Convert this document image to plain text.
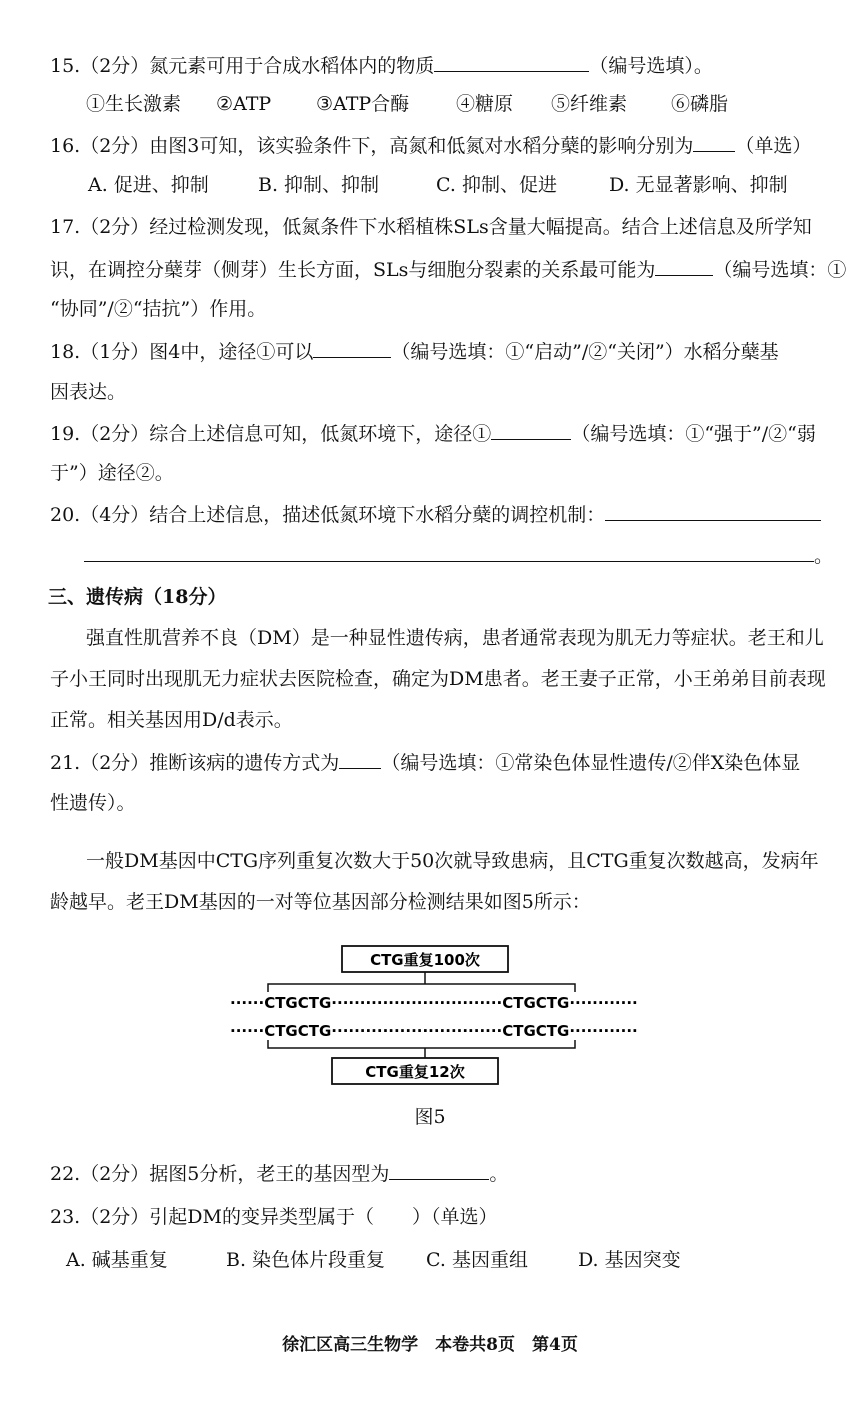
15.（2分）氮元素可用于合成水稻体内的物质	（编号选填）。
①生长激素 ②ATP ③ATP合酶 ④糖原 ⑤纤维素 ⑥磷脂
16.（2分）由图3可知，该实验条件下，高氮和低氮对水稻分蘖的影响分别为 （单选）
A. 促进、抑制	B. 抑制、抑制	C. 抑制、促进	D. 无显著影响、抑制
17.（2分）经过检测发现，低氮条件下水稻植株SLs含量大幅提高。结合上述信息及所学知
识，在调控分蘖芽（侧芽）生长方面，SLs与细胞分裂素的关系最可能为	（编号选填：①
“协同”/②“拮抗”）作用。
18.（1分）图4中，途径①可以	（编号选填：①“启动”/②“关闭”）水稻分蘖基
因表达。
19.（2分）综合上述信息可知，低氮环境下，途径①	（编号选填：①“强于”/②“弱
于”）途径②。
20.（4分）结合上述信息，描述低氮环境下水稻分蘖的调控机制：
。
三、遗传病（18分）
强直性肌营养不良（DM）是一种显性遗传病，患者通常表现为肌无力等症状。老王和儿
子小王同时出现肌无力症状去医院检查，确定为DM患者。老王妻子正常，小王弟弟目前表现
正常。相关基因用D/d表示。
21.（2分）推断该病的遗传方式为 （编号选填：①常染色体显性遗传/②伴X染色体显
性遗传）。
一般DM基因中CTG序列重复次数大于50次就导致患病，且CTG重复次数越高，发病年
龄越早。老王DM基因的一对等位基因部分检测结果如图5所示：
CTG重复100次
······CTGCTG······························CTGCTG············
······CTGCTG······························CTGCTG············
CTG重复12次
图5
22.（2分）据图5分析，老王的基因型为	。
23.（2分）引起DM的变异类型属于（　　）（单选）
A. 碱基重复	B. 染色体片段重复 C. 基因重组	D. 基因突变
徐汇区高三生物学　本卷共8页　第4页
